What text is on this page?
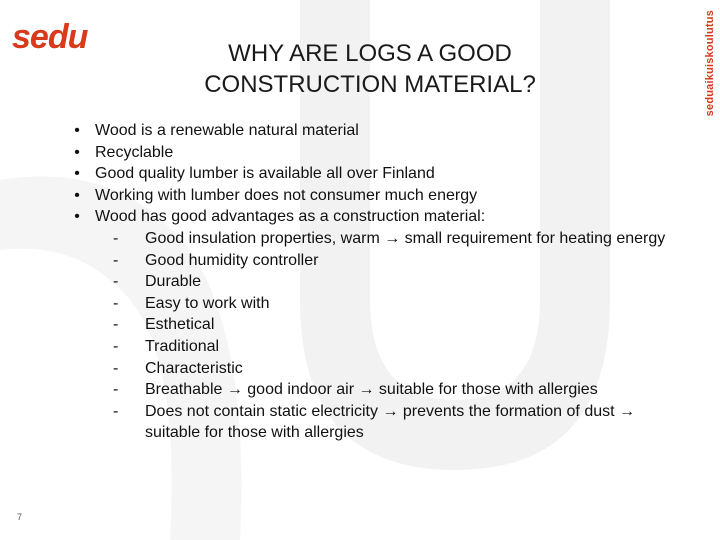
sedu
seduaikuiskoulutus
WHY ARE LOGS A GOOD CONSTRUCTION MATERIAL?
• Wood is a renewable natural material
• Recyclable
• Good quality lumber is available all over Finland
• Working with lumber does not consumer much energy
• Wood has good advantages as a construction material:
- Good insulation properties, warm → small requirement for heating energy
- Good humidity controller
- Durable
- Easy to work with
- Esthetical
- Traditional
- Characteristic
- Breathable → good indoor air → suitable for those with allergies
- Does not contain static electricity → prevents the formation of dust → suitable for those with allergies
7
